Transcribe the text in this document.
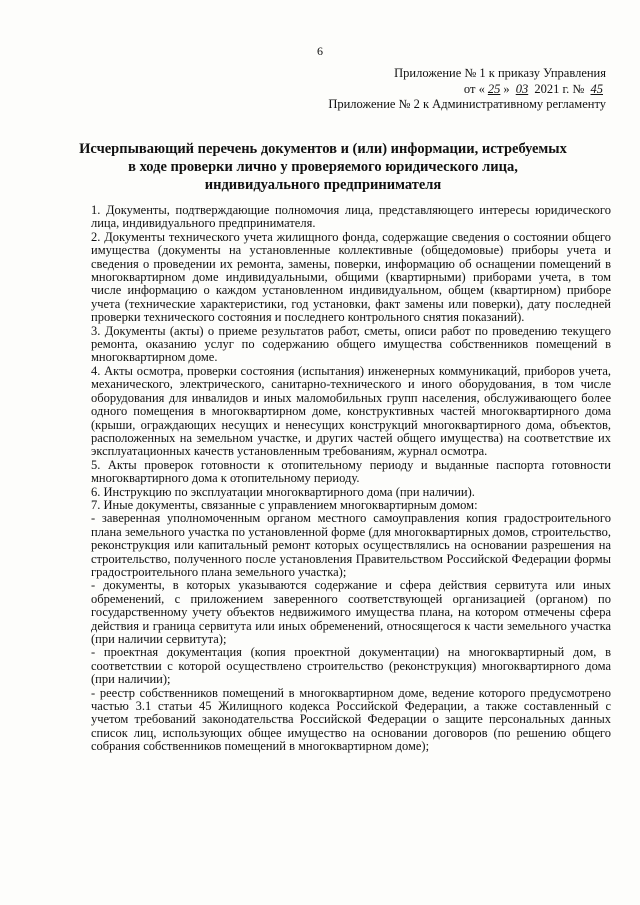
6
Приложение № 1 к приказу Управления
от « 25 » 03 2021 г. № 45
Приложение № 2 к Административному регламенту
Исчерпывающий перечень документов и (или) информации, истребуемых
в ходе проверки лично у проверяемого юридического лица,
индивидуального предпринимателя

1. Документы, подтверждающие полномочия лица, представляющего интересы юридического лица, индивидуального предпринимателя.

2. Документы технического учета жилищного фонда, содержащие сведения о состоянии общего имущества (документы на установленные коллективные (общедомовые) приборы учета и сведения о проведении их ремонта, замены, поверки, информацию об оснащении помещений в многоквартирном доме индивидуальными, общими (квартирными) приборами учета, в том числе информацию о каждом установленном индивидуальном, общем (квартирном) приборе учета (технические характеристики, год установки, факт замены или поверки), дату последней проверки технического состояния и последнего контрольного снятия показаний).

3. Документы (акты) о приеме результатов работ, сметы, описи работ по проведению текущего ремонта, оказанию услуг по содержанию общего имущества собственников помещений в многоквартирном доме.

4. Акты осмотра, проверки состояния (испытания) инженерных коммуникаций, приборов учета, механического, электрического, санитарно-технического и иного оборудования, в том числе оборудования для инвалидов и иных маломобильных групп населения, обслуживающего более одного помещения в многоквартирном доме, конструктивных частей многоквартирного дома (крыши, ограждающих несущих и ненесущих конструкций многоквартирного дома, объектов, расположенных на земельном участке, и других частей общего имущества) на соответствие их эксплуатационных качеств установленным требованиям, журнал осмотра.

5. Акты проверок готовности к отопительному периоду и выданные паспорта готовности многоквартирного дома к отопительному периоду.

6. Инструкцию по эксплуатации многоквартирного дома (при наличии).

7. Иные документы, связанные с управлением многоквартирным домом:

- заверенная уполномоченным органом местного самоуправления копия градостроительного плана земельного участка по установленной форме (для многоквартирных домов, строительство, реконструкция или капитальный ремонт которых осуществлялись на основании разрешения на строительство, полученного после установления Правительством Российской Федерации формы градостроительного плана земельного участка);

- документы, в которых указываются содержание и сфера действия сервитута или иных обременений, с приложением заверенного соответствующей организацией (органом) по государственному учету объектов недвижимого имущества плана, на котором отмечены сфера действия и граница сервитута или иных обременений, относящегося к части земельного участка (при наличии сервитута);

- проектная документация (копия проектной документации) на многоквартирный дом, в соответствии с которой осуществлено строительство (реконструкция) многоквартирного дома (при наличии);

- реестр собственников помещений в многоквартирном доме, ведение которого предусмотрено частью 3.1 статьи 45 Жилищного кодекса Российской Федерации, а также составленный с учетом требований законодательства Российской Федерации о защите персональных данных список лиц, использующих общее имущество на основании договоров (по решению общего собрания собственников помещений в многоквартирном доме);
